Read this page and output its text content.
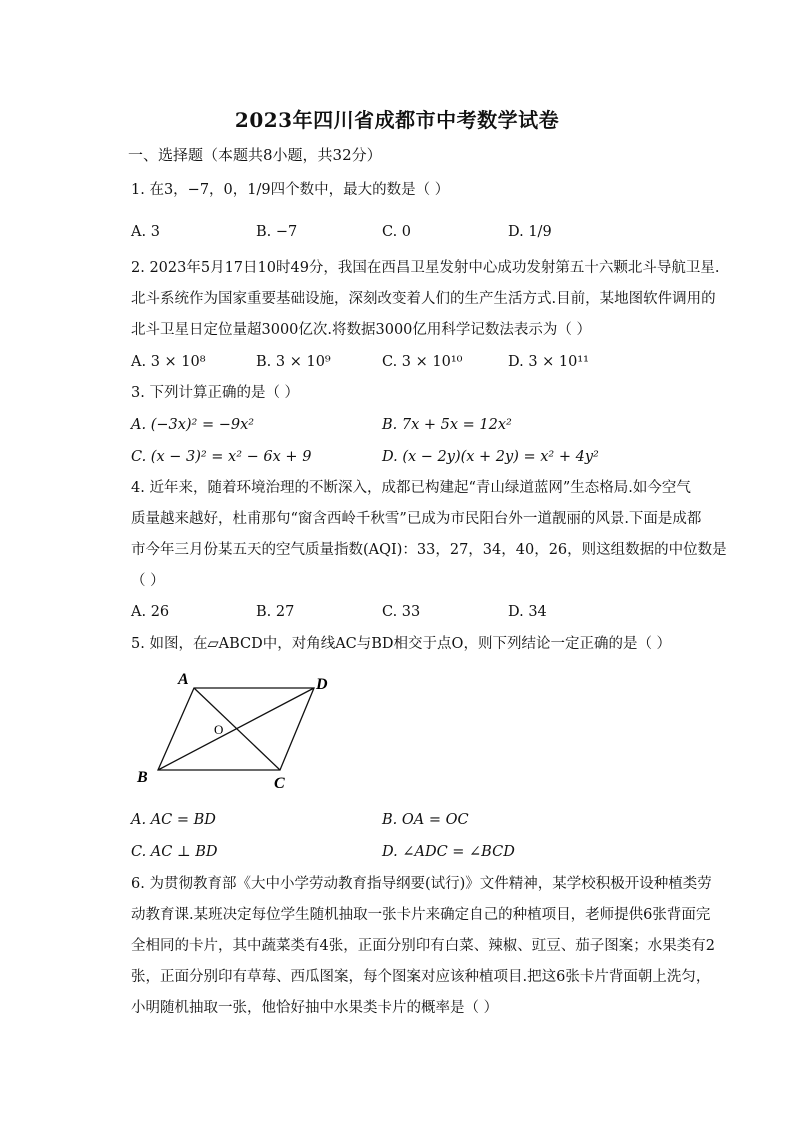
2023年四川省成都市中考数学试卷
一、选择题（本题共8小题，共32分）
1. 在3，−7，0，1/9四个数中，最大的数是（ ）
A. 3	B. −7	C. 0	D. 1/9
2. 2023年5月17日10时49分，我国在西昌卫星发射中心成功发射第五十六颗北斗导航卫星.
北斗系统作为国家重要基础设施，深刻改变着人们的生产生活方式.目前，某地图软件调用的
北斗卫星日定位量超3000亿次.将数据3000亿用科学记数法表示为（ ）
A. 3 × 10⁸	B. 3 × 10⁹	C. 3 × 10¹⁰	D. 3 × 10¹¹
3. 下列计算正确的是（ ）
A. (−3x)² = −9x²	B. 7x + 5x = 12x²
C. (x − 3)² = x² − 6x + 9	D. (x − 2y)(x + 2y) = x² + 4y²
4. 近年来，随着环境治理的不断深入，成都已构建起“青山绿道蓝网”生态格局.如今空气
质量越来越好，杜甫那句“窗含西岭千秋雪”已成为市民阳台外一道靓丽的风景.下面是成都
市今年三月份某五天的空气质量指数(AQI)：33，27，34，40，26，则这组数据的中位数是
（ ）
A. 26	B. 27	C. 33	D. 34
5. 如图，在▱ABCD中，对角线AC与BD相交于点O，则下列结论一定正确的是（ ）
A	D
B	C
O
A. AC = BD	B. OA = OC
C. AC ⊥ BD	D. ∠ADC = ∠BCD
6. 为贯彻教育部《大中小学劳动教育指导纲要(试行)》文件精神，某学校积极开设种植类劳
动教育课.某班决定每位学生随机抽取一张卡片来确定自己的种植项目，老师提供6张背面完
全相同的卡片，其中蔬菜类有4张，正面分别印有白菜、辣椒、豇豆、茄子图案；水果类有2
张，正面分别印有草莓、西瓜图案，每个图案对应该种植项目.把这6张卡片背面朝上洗匀，
小明随机抽取一张，他恰好抽中水果类卡片的概率是（ ）
